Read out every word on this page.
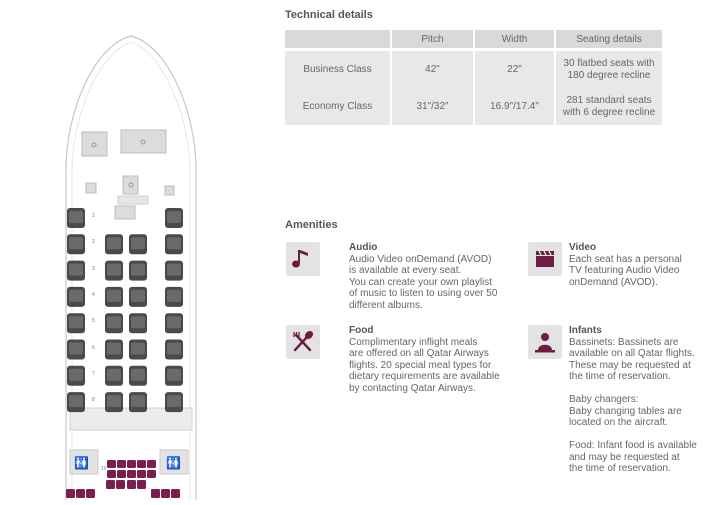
🚻	🚻
1
2
3
4
5
6
7
8
10
Technical details
	Pitch	Width	Seating details
Business Class	42"	22"	30 flatbed seats with
180 degree recline
Economy Class	31"/32"	16.9"/17.4"	281 standard seats
with 6 degree recline
Amenities
Audio
Audio Video onDemand (AVOD)
is available at every seat.
You can create your own playlist
of music to listen to using over 50
different albums.
Video
Each seat has a personal
TV featuring Audio Video
onDemand (AVOD).
Food
Complimentary inflight meals
are offered on all Qatar Airways
flights. 20 special meal types for
dietary requirements are available
by contacting Qatar Airways.
Infants
Bassinets: Bassinets are
available on all Qatar flights.
These may be requested at
the time of reservation.

Baby changers:
Baby changing tables are
located on the aircraft.

Food: Infant food is available
and may be requested at
the time of reservation.
